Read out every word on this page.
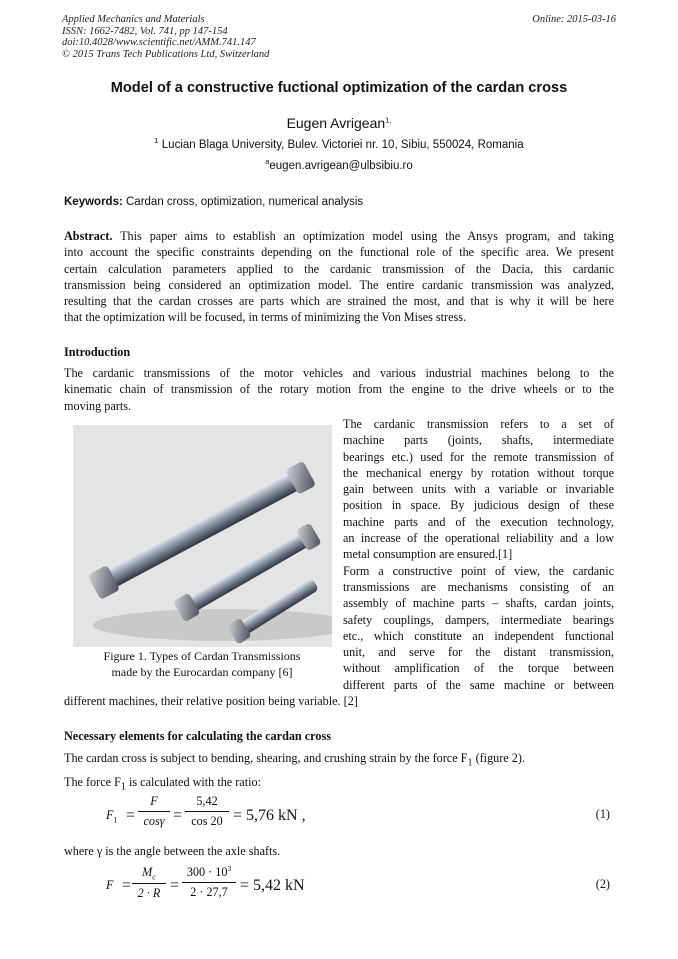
Applied Mechanics and Materials
ISSN: 1662-7482, Vol. 741, pp 147-154
doi:10.4028/www.scientific.net/AMM.741.147
© 2015 Trans Tech Publications Ltd, Switzerland
Online: 2015-03-16
Model of a constructive fuctional optimization of the cardan cross
Eugen Avrigean$^{1,}$
$^1$ Lucian Blaga University, Bulev. Victoriei nr. 10, Sibiu, 550024, Romania
$^a$eugen.avrigean@ulbsibiu.ro
Keywords: Cardan cross, optimization, numerical analysis
Abstract. This paper aims to establish an optimization model using the Ansys program, and taking
into account the specific constraints depending on the functional role of the specific area. We present
certain calculation parameters applied to the cardanic transmission of the Dacia, this cardanic
transmission being considered an optimization model. The entire cardanic transmission was analyzed,
resulting that the cardan crosses are parts which are strained the most, and that is why it will be here
that the optimization will be focused, in terms of minimizing the Von Mises stress.
Introduction
The cardanic transmissions of the motor vehicles and various industrial machines belong to the
kinematic chain of transmission of the rotary motion from the engine to the drive wheels or to the
moving parts.
Figure 1. Types of Cardan Transmissions
made by the Eurocardan company [6]
The cardanic transmission refers to a set of
machine parts (joints, shafts, intermediate
bearings etc.) used for the remote transmission of
the mechanical energy by rotation without torque
gain between units with a variable or invariable
position in space. By judicious design of these
machine parts and of the execution technology,
an increase of the operational reliability and a low
metal consumption are ensured.[1]
Form a constructive point of view, the cardanic
transmissions are mechanisms consisting of an
assembly of machine parts – shafts, cardan joints,
safety couplings, dampers, intermediate bearings
etc., which constitute an independent functional
unit, and serve for the distant transmission,
without amplification of the torque between
different parts of the same machine or between
different machines, their relative position being variable. [2]
Necessary elements for calculating the cardan cross
The cardan cross is subject to bending, shearing, and crushing strain by the force $F_1$ (figure 2).
The force $F_1$ is calculated with the ratio:
$F_1 = \frac{F}{\cos\gamma} = \frac{5,42}{\cos 20} = 5,76$ kN ,	(1)
where γ is the angle between the axle shafts.
$F = \frac{M_c}{2 \cdot R} = \frac{300 \cdot 10^3}{2 \cdot 27,7} = 5,42$ kN	(2)
